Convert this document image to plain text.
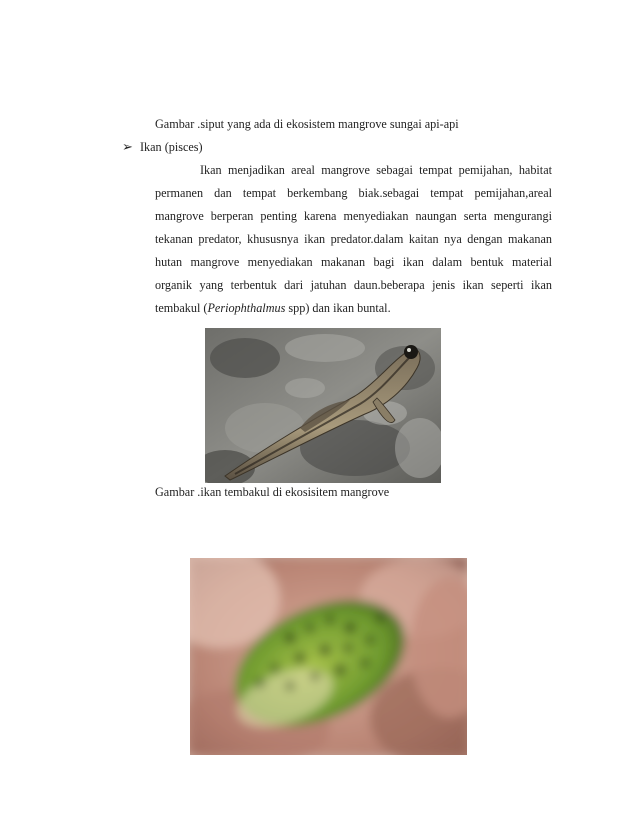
Gambar .siput yang ada di ekosistem mangrove sungai api-api
➢ Ikan (pisces)
Ikan menjadikan areal mangrove sebagai tempat pemijahan, habitat
permanen dan tempat berkembang biak.sebagai tempat pemijahan,areal
mangrove berperan penting karena menyediakan naungan serta mengurangi
tekanan predator, khususnya ikan predator.dalam kaitan nya dengan makanan
hutan mangrove menyediakan makanan bagi ikan dalam bentuk material
organik yang terbentuk dari jatuhan daun.beberapa jenis ikan seperti ikan
tembakul (Periophthalmus spp) dan ikan buntal.
Gambar .ikan tembakul di ekosisitem mangrove
